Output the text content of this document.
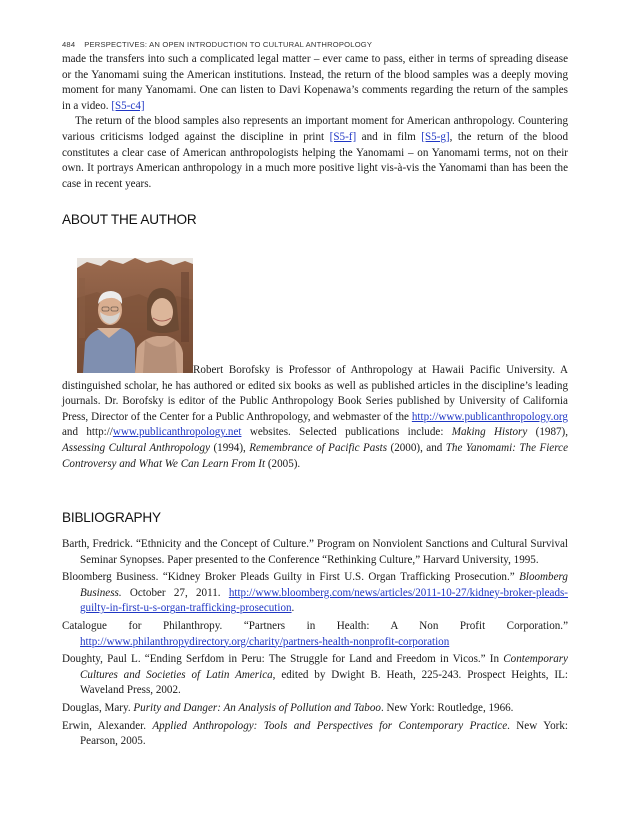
484 PERSPECTIVES: AN OPEN INTRODUCTION TO CULTURAL ANTHROPOLOGY

made the transfers into such a complicated legal matter – ever came to pass, either in terms of spreading disease or the Yanomami suing the American institutions. Instead, the return of the blood samples was a deeply moving moment for many Yanomami. One can listen to Davi Kopenawa’s comments regarding the return of the samples in a video. [S5-c4]

The return of the blood samples also represents an important moment for American anthropology. Countering various criticisms lodged against the discipline in print [S5-f] and in film [S5-g], the return of the blood constitutes a clear case of American anthropologists helping the Yanomami – on Yanomami terms, not on their own. It portrays American anthropology in a much more positive light vis-à-vis the Yanomami than has been the case in recent years.

ABOUT THE AUTHOR

Robert Borofsky is Professor of Anthropology at Hawaii Pacific University. A distinguished scholar, he has authored or edited six books as well as published articles in the discipline’s leading journals. Dr. Borofsky is editor of the Public Anthropology Book Series published by University of California Press, Director of the Center for a Public Anthropology, and webmaster of the http://www.publicanthropology.org and http://www.publicanthropology.net websites. Selected publications include: Making History (1987), Assessing Cultural Anthropology (1994), Remembrance of Pacific Pasts (2000), and The Yanomami: The Fierce Controversy and What We Can Learn From It (2005).

BIBLIOGRAPHY

Barth, Fredrick. “Ethnicity and the Concept of Culture.” Program on Nonviolent Sanctions and Cultural Survival Seminar Synopses. Paper presented to the Conference “Rethinking Culture,” Harvard University, 1995.

Bloomberg Business. “Kidney Broker Pleads Guilty in First U.S. Organ Trafficking Prosecution.” Bloomberg Business. October 27, 2011. http://www.bloomberg.com/news/articles/2011-10-27/kidney-broker-pleads-guilty-in-first-u-s-organ-trafficking-prosecution.

Catalogue for Philanthropy. “Partners in Health: A Non Profit Corporation.” http://www.philanthropydirectory.org/charity/partners-health-nonprofit-corporation

Doughty, Paul L. “Ending Serfdom in Peru: The Struggle for Land and Freedom in Vicos.” In Contemporary Cultures and Societies of Latin America, edited by Dwight B. Heath, 225-243. Prospect Heights, IL: Waveland Press, 2002.

Douglas, Mary. Purity and Danger: An Analysis of Pollution and Taboo. New York: Routledge, 1966.

Erwin, Alexander. Applied Anthropology: Tools and Perspectives for Contemporary Practice. New York: Pearson, 2005.
